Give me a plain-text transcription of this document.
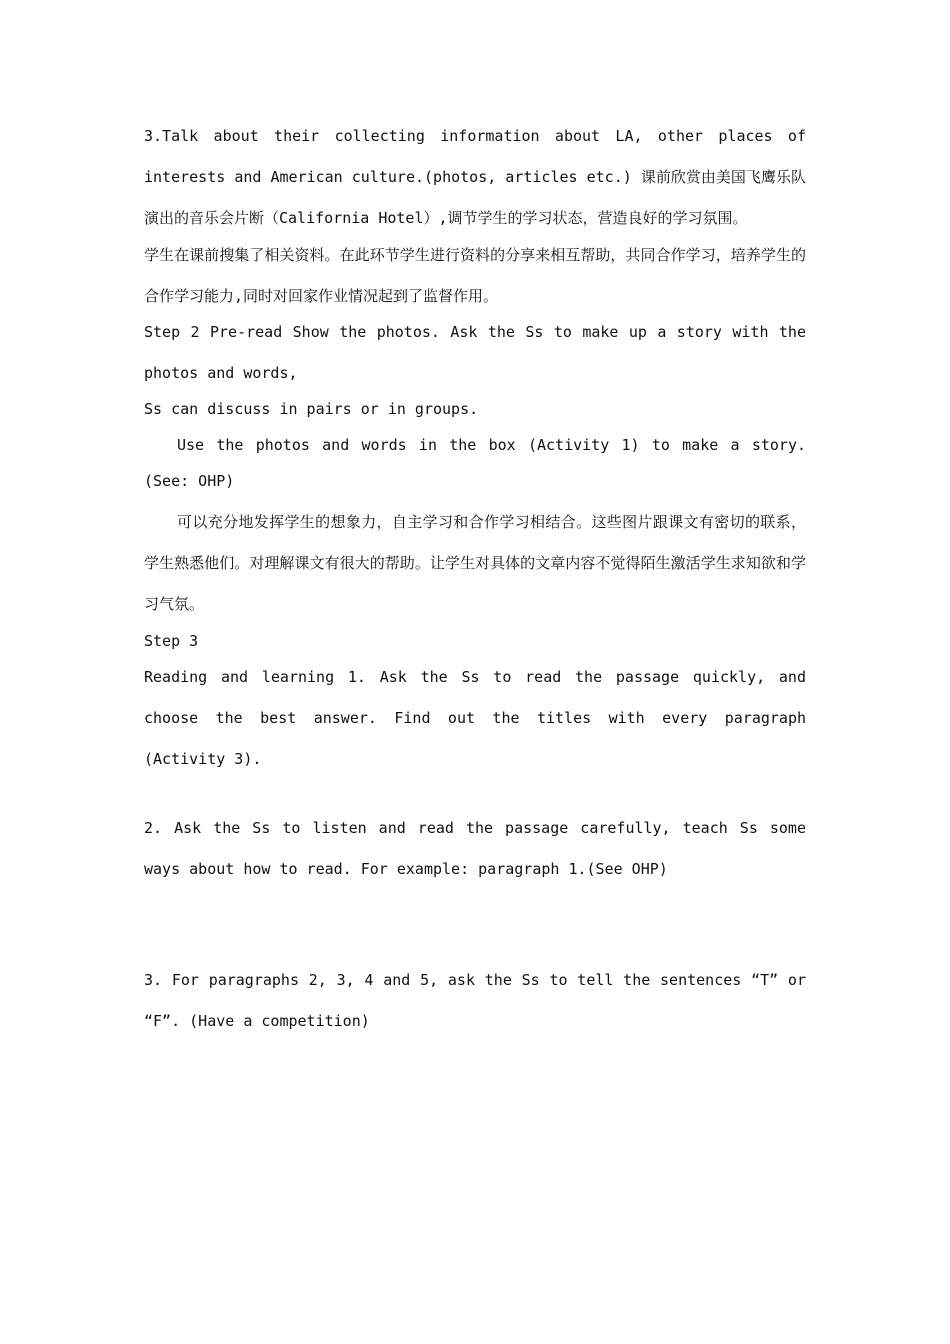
3.Talk about their collecting information about LA, other places of interests and American culture.(photos, articles etc.) 课前欣赏由美国飞鹰乐队演出的音乐会片断（California Hotel）,调节学生的学习状态，营造良好的学习氛围。

学生在课前搜集了相关资料。在此环节学生进行资料的分享来相互帮助，共同合作学习，培养学生的合作学习能力,同时对回家作业情况起到了监督作用。

Step 2 Pre-read Show the photos. Ask the Ss to make up a story with the photos and words,

Ss can discuss in pairs or in groups.

Use the photos and words in the box (Activity 1) to make a story. (See: OHP)

可以充分地发挥学生的想象力，自主学习和合作学习相结合。这些图片跟课文有密切的联系，学生熟悉他们。对理解课文有很大的帮助。让学生对具体的文章内容不觉得陌生激活学生求知欲和学习气氛。

Step 3

Reading and learning 1. Ask the Ss to read the passage quickly, and choose the best answer. Find out the titles with every paragraph (Activity 3).

2. Ask the Ss to listen and read the passage carefully, teach Ss some ways about how to read. For example: paragraph 1.(See OHP)

3. For paragraphs 2, 3, 4 and 5, ask the Ss to tell the sentences “T” or “F”. (Have a competition)
